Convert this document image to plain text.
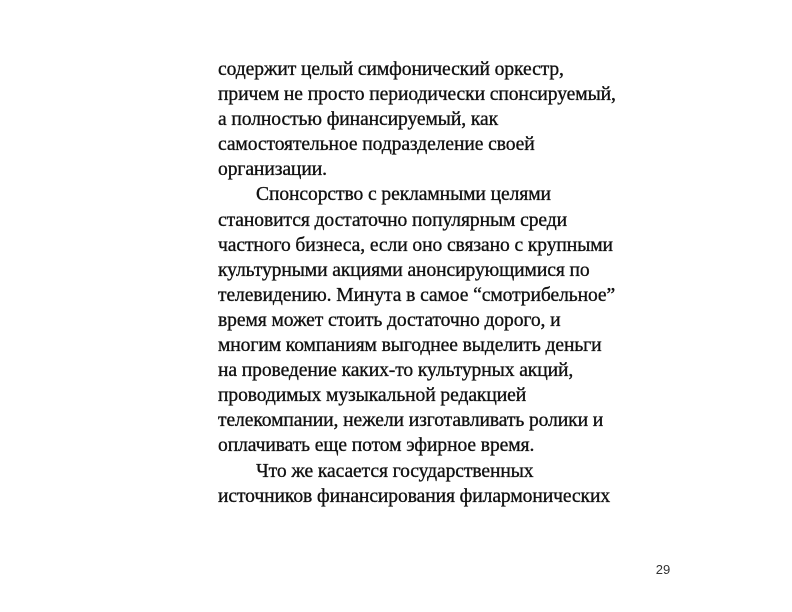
содержит целый симфонический оркестр,
причем не просто периодически спонсируемый,
а полностью финансируемый, как
самостоятельное подразделение своей
организации.
Спонсорство с рекламными целями
становится достаточно популярным среди
частного бизнеса, если оно связано с крупными
культурными акциями анонсирующимися по
телевидению. Минута в самое “смотрибельное”
время может стоить достаточно дорого, и
многим компаниям выгоднее выделить деньги
на проведение каких-то культурных акций,
проводимых музыкальной редакцией
телекомпании, нежели изготавливать ролики и
оплачивать еще потом эфирное время.
Что же касается государственных
источников финансирования филармонических
29
